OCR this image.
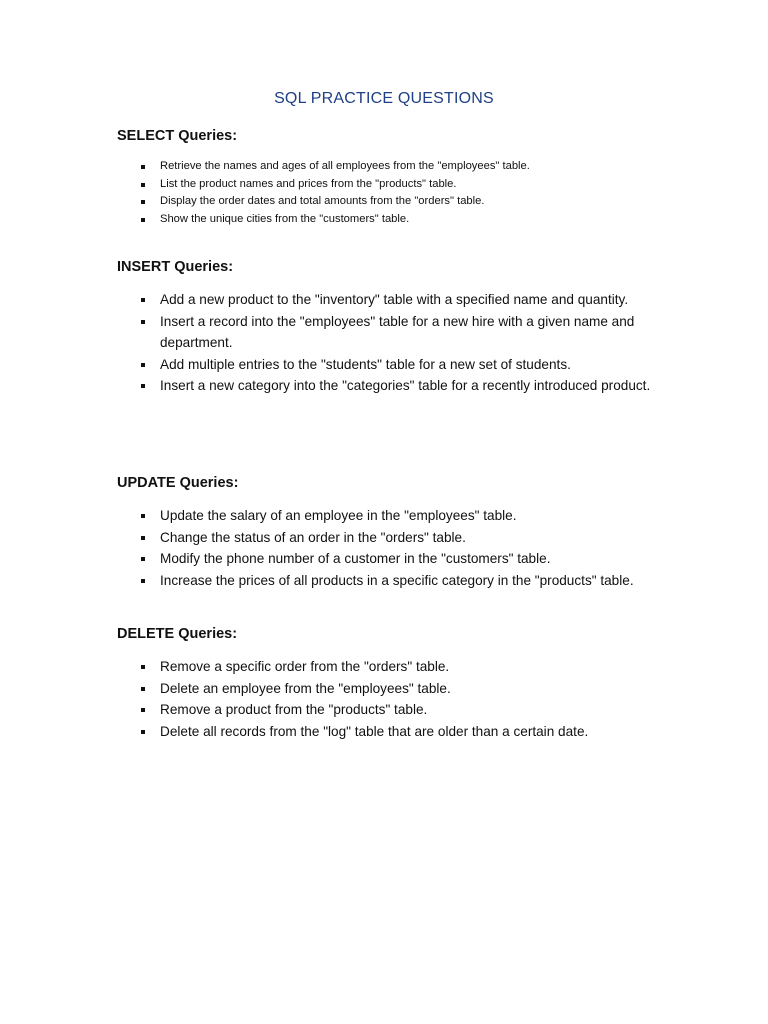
SQL PRACTICE QUESTIONS
SELECT Queries:
Retrieve the names and ages of all employees from the "employees" table.
List the product names and prices from the "products" table.
Display the order dates and total amounts from the "orders" table.
Show the unique cities from the "customers" table.
INSERT Queries:
Add a new product to the "inventory" table with a specified name and quantity.
Insert a record into the "employees" table for a new hire with a given name and department.
Add multiple entries to the "students" table for a new set of students.
Insert a new category into the "categories" table for a recently introduced product.
UPDATE Queries:
Update the salary of an employee in the "employees" table.
Change the status of an order in the "orders" table.
Modify the phone number of a customer in the "customers" table.
Increase the prices of all products in a specific category in the "products" table.
DELETE Queries:
Remove a specific order from the "orders" table.
Delete an employee from the "employees" table.
Remove a product from the "products" table.
Delete all records from the "log" table that are older than a certain date.
